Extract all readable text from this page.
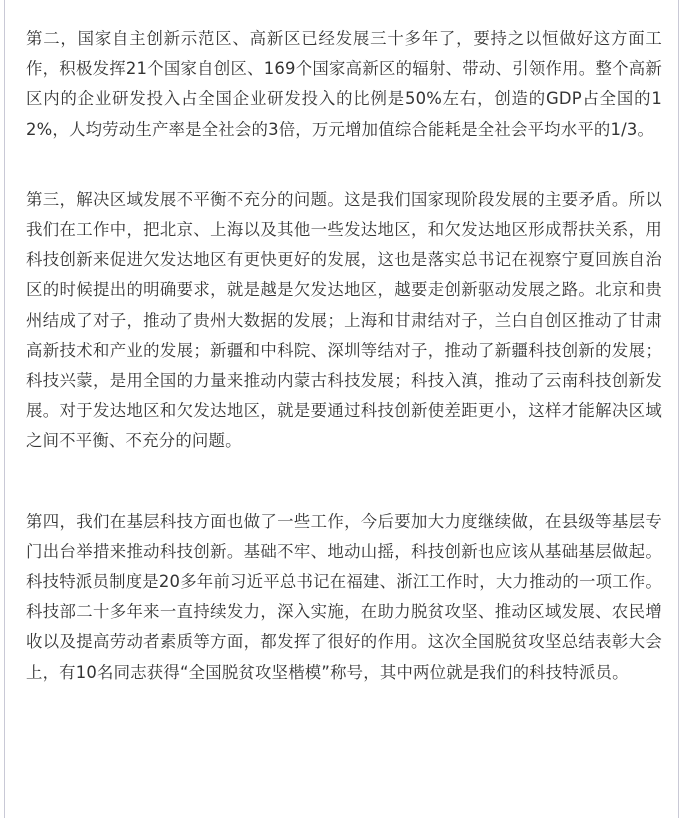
第二，国家自主创新示范区、高新区已经发展三十多年了，要持之以恒做好这方面工作，积极发挥21个国家自创区、169个国家高新区的辐射、带动、引领作用。整个高新区内的企业研发投入占全国企业研发投入的比例是50%左右，创造的GDP占全国的12%，人均劳动生产率是全社会的3倍，万元增加值综合能耗是全社会平均水平的1/3。

第三，解决区域发展不平衡不充分的问题。这是我们国家现阶段发展的主要矛盾。所以我们在工作中，把北京、上海以及其他一些发达地区，和欠发达地区形成帮扶关系，用科技创新来促进欠发达地区有更快更好的发展，这也是落实总书记在视察宁夏回族自治区的时候提出的明确要求，就是越是欠发达地区，越要走创新驱动发展之路。北京和贵州结成了对子，推动了贵州大数据的发展；上海和甘肃结对子，兰白自创区推动了甘肃高新技术和产业的发展；新疆和中科院、深圳等结对子，推动了新疆科技创新的发展；科技兴蒙，是用全国的力量来推动内蒙古科技发展；科技入滇，推动了云南科技创新发展。对于发达地区和欠发达地区，就是要通过科技创新使差距更小，这样才能解决区域之间不平衡、不充分的问题。

第四，我们在基层科技方面也做了一些工作，今后要加大力度继续做，在县级等基层专门出台举措来推动科技创新。基础不牢、地动山摇，科技创新也应该从基础基层做起。科技特派员制度是20多年前习近平总书记在福建、浙江工作时，大力推动的一项工作。科技部二十多年来一直持续发力，深入实施，在助力脱贫攻坚、推动区域发展、农民增收以及提高劳动者素质等方面，都发挥了很好的作用。这次全国脱贫攻坚总结表彰大会上，有10名同志获得“全国脱贫攻坚楷模”称号，其中两位就是我们的科技特派员。
